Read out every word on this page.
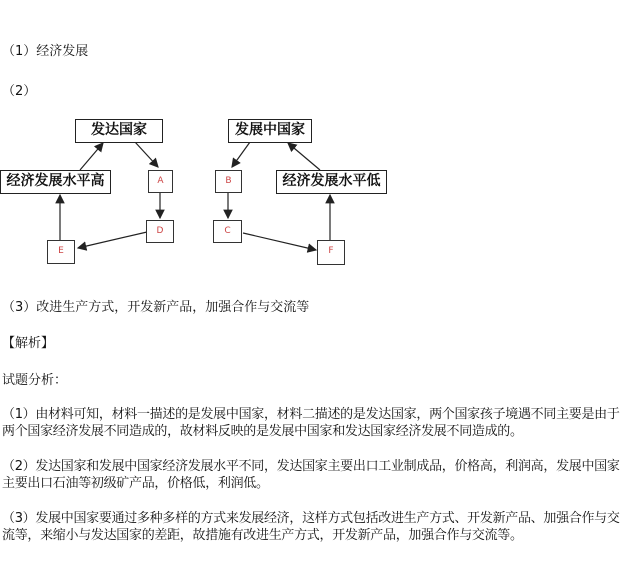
（1）经济发展
（2）
发达国家
经济发展水平高	A
D
E
发展中国家
经济发展水平低
B
C
F
（3）改进生产方式，开发新产品，加强合作与交流等
【解析】
试题分析：
（1）由材料可知，材料一描述的是发展中国家，材料二描述的是发达国家，两个国家孩子境遇不同主要是由于两个国家经济发展不同造成的，故材料反映的是发展中国家和发达国家经济发展不同造成的。
（2）发达国家和发展中国家经济发展水平不同，发达国家主要出口工业制成品，价格高，利润高，发展中国家主要出口石油等初级矿产品，价格低，利润低。
（3）发展中国家要通过多种多样的方式来发展经济，这样方式包括改进生产方式、开发新产品、加强合作与交流等，来缩小与发达国家的差距，故措施有改进生产方式，开发新产品，加强合作与交流等。
